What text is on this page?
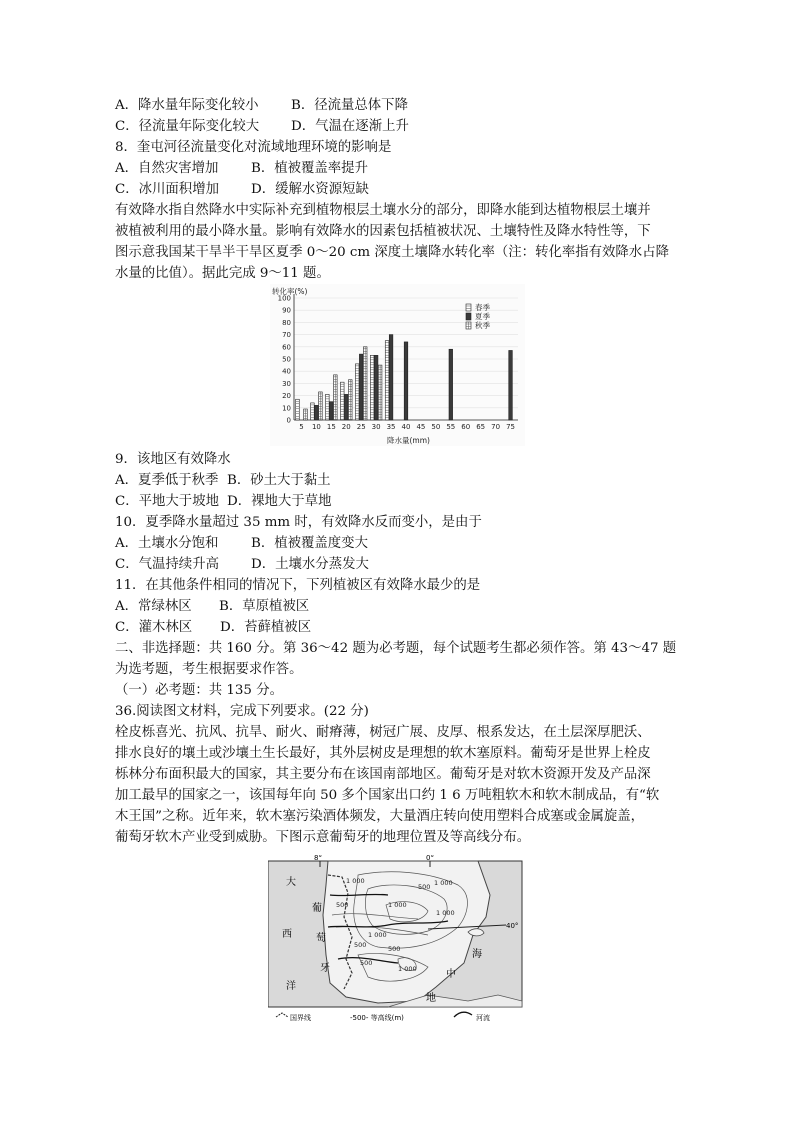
A．降水量年际变化较小 B．径流量总体下降
C．径流量年际变化较大 D．气温在逐渐上升
8．奎屯河径流量变化对流域地理环境的影响是
A．自然灾害增加 B．植被覆盖率提升
C．冰川面积增加 D．缓解水资源短缺
有效降水指自然降水中实际补充到植物根层土壤水分的部分，即降水能到达植物根层土壤并
被植被利用的最小降水量。影响有效降水的因素包括植被状况、土壤特性及降水特性等，下
图示意我国某干旱半干旱区夏季 0～20 cm 深度土壤降水转化率（注：转化率指有效降水占降
水量的比值）。据此完成 9～11 题。
转化率(%)
降水量(mm)
0
10
20
30
40
50
60
70
80
90
100
5 10 15 20 25 30 35 40 45 50 55 60 65 70 75
春季
夏季
秋季
9．该地区有效降水
A．夏季低于秋季 B．砂土大于黏土
C．平地大于坡地 D．裸地大于草地
10．夏季降水量超过 35 mm 时，有效降水反而变小，是由于
A．土壤水分饱和 B．植被覆盖度变大
C．气温持续升高 D．土壤水分蒸发大
11．在其他条件相同的情况下，下列植被区有效降水最少的是
A．常绿林区 B．草原植被区
C．灌木林区 D．苔藓植被区
二、非选择题：共 160 分。第 36～42 题为必考题，每个试题考生都必须作答。第 43～47 题
为选考题，考生根据要求作答。
（一）必考题：共 135 分。
36.阅读图文材料，完成下列要求。(22 分)
栓皮栎喜光、抗风、抗旱、耐火、耐瘠薄，树冠广展、皮厚、根系发达，在土层深厚肥沃、
排水良好的壤土或沙壤土生长最好，其外层树皮是理想的软木塞原料。葡萄牙是世界上栓皮
栎林分布面积最大的国家，其主要分布在该国南部地区。葡萄牙是对软木资源开发及产品深
加工最早的国家之一，该国每年向 50 多个国家出口约 1 6 万吨粗软木和软木制成品，有“软
木王国”之称。近年来，软木塞污染酒体频发，大量酒庄转向使用塑料合成塞或金属旋盖，
葡萄牙软木产业受到威胁。下图示意葡萄牙的地理位置及等高线分布。
8°	0°
40°
大
西
洋
葡
萄
牙
中
海
地
1 000
500 1 000
500	1 000
1 000
500	500
1 000
500
1 000
国界线	-500- 等高线(m)	河流
